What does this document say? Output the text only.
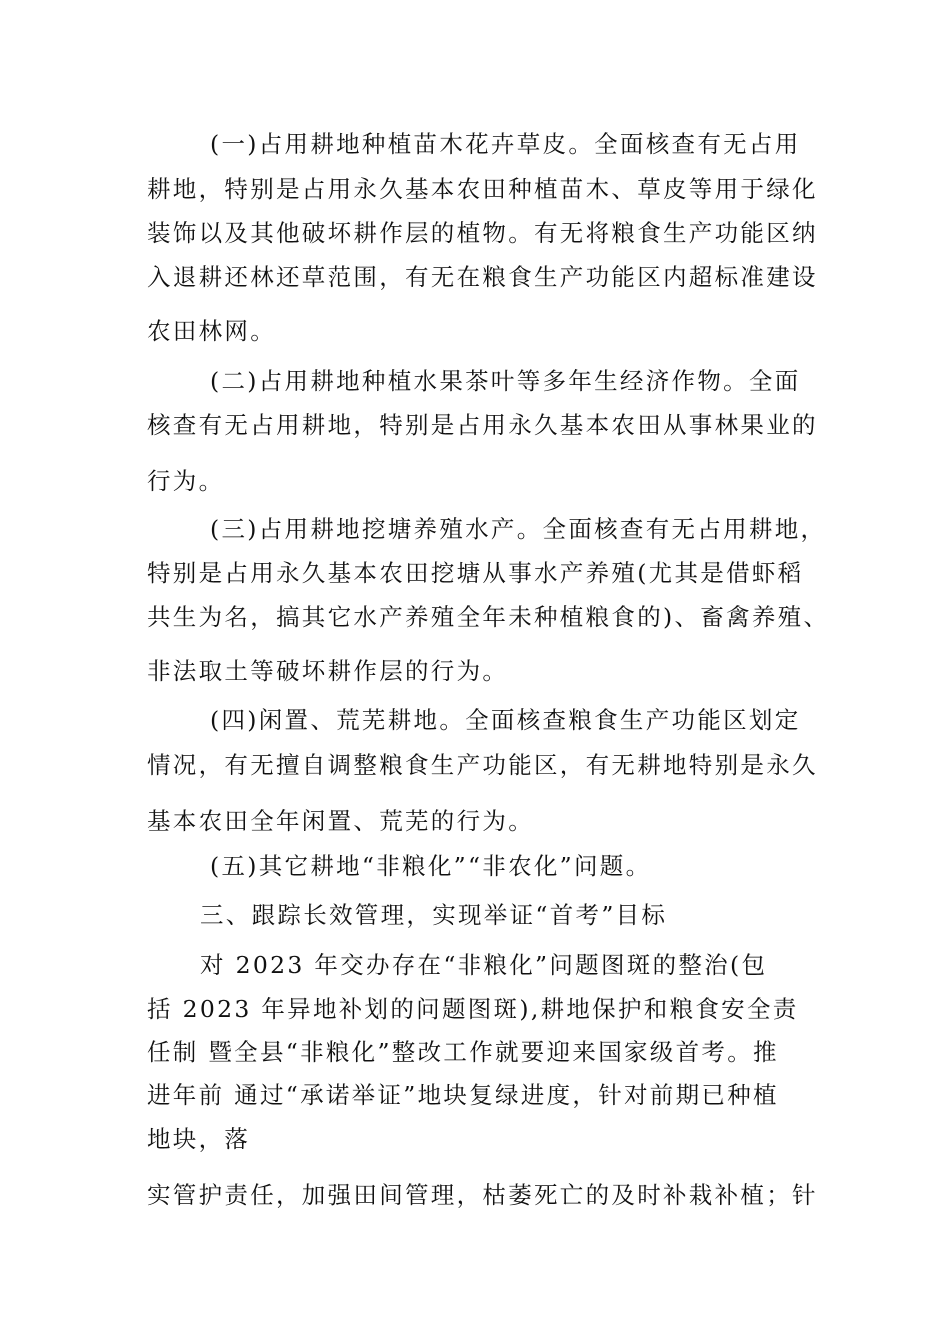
(一)占用耕地种植苗木花卉草皮。全面核查有无占用
耕地，特别是占用永久基本农田种植苗木、草皮等用于绿化
装饰以及其他破坏耕作层的植物。有无将粮食生产功能区纳
入退耕还林还草范围，有无在粮食生产功能区内超标准建设
农田林网。
(二)占用耕地种植水果茶叶等多年生经济作物。全面
核查有无占用耕地，特别是占用永久基本农田从事林果业的
行为。
(三)占用耕地挖塘养殖水产。全面核查有无占用耕地，
特别是占用永久基本农田挖塘从事水产养殖(尤其是借虾稻
共生为名，搞其它水产养殖全年未种植粮食的)、畜禽养殖、
非法取土等破坏耕作层的行为。
(四)闲置、荒芜耕地。全面核查粮食生产功能区划定
情况，有无擅自调整粮食生产功能区，有无耕地特别是永久
基本农田全年闲置、荒芜的行为。
(五)其它耕地“非粮化”“非农化”问题。
三、跟踪长效管理，实现举证“首考”目标
对 2023 年交办存在“非粮化”问题图斑的整治(包
括 2023 年异地补划的问题图斑),耕地保护和粮食安全责
任制 暨全县“非粮化”整改工作就要迎来国家级首考。推
进年前 通过“承诺举证”地块复绿进度，针对前期已种植
地块，落
实管护责任，加强田间管理，枯萎死亡的及时补栽补植；针
